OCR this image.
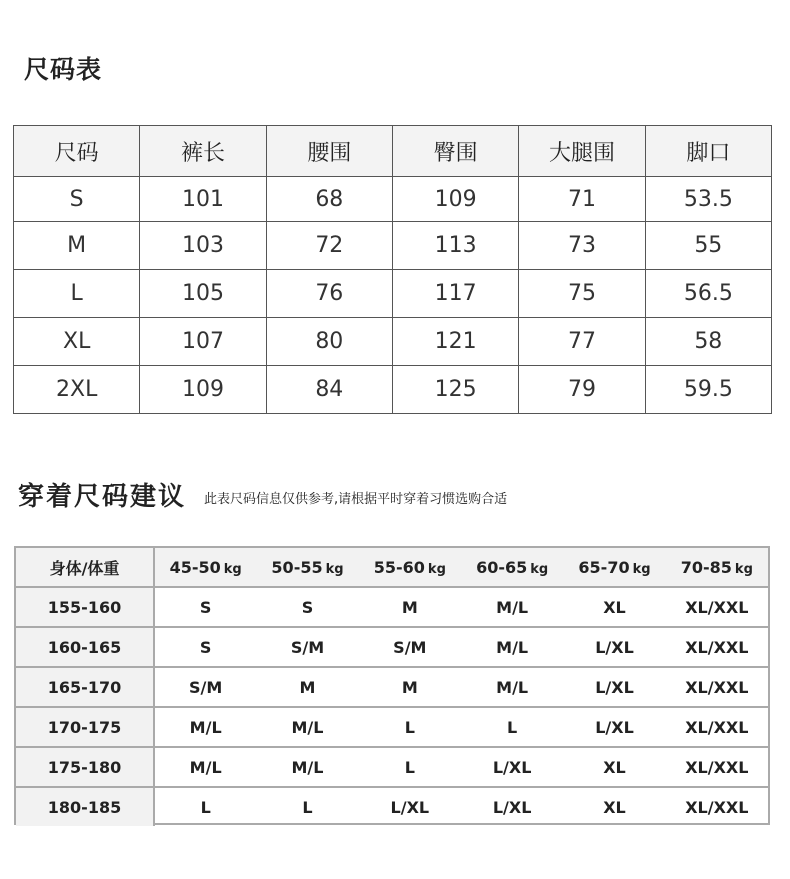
尺码表
尺码	裤长	腰围	臀围	大腿围	脚口
S	101	68	109	71	53.5
M	103	72	113	73	55
L	105	76	117	75	56.5
XL	107	80	121	77	58
2XL	109	84	125	79	59.5
穿着尺码建议 此表尺码信息仅供参考,请根据平时穿着习惯选购合适
身体/体重	45-50 kg	50-55 kg	55-60 kg	60-65 kg	65-70 kg	70-85 kg
155-160	S	S	M	M/L	XL	XL/XXL
160-165	S	S/M	S/M	M/L	L/XL	XL/XXL
165-170	S/M	M	M	M/L	L/XL	XL/XXL
170-175	M/L	M/L	L	L	L/XL	XL/XXL
175-180	M/L	M/L	L	L/XL	XL	XL/XXL
180-185	L	L	L/XL	L/XL	XL	XL/XXL
